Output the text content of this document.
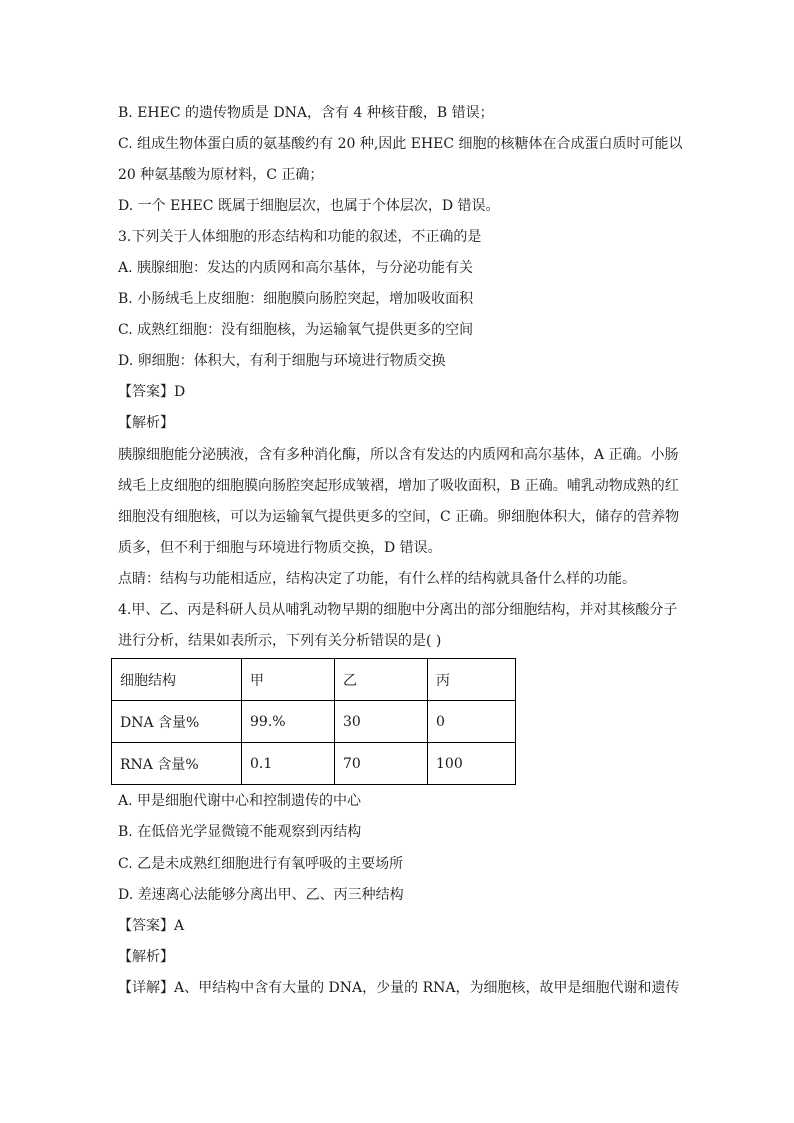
B. EHEC 的遗传物质是 DNA，含有 4 种核苷酸，B 错误；
C. 组成生物体蛋白质的氨基酸约有 20 种,因此 EHEC 细胞的核糖体在合成蛋白质时可能以
20 种氨基酸为原材料，C 正确；
D. 一个 EHEC 既属于细胞层次，也属于个体层次，D 错误。
3.下列关于人体细胞的形态结构和功能的叙述，不正确的是
A. 胰腺细胞：发达的内质网和高尔基体，与分泌功能有关
B. 小肠绒毛上皮细胞：细胞膜向肠腔突起，增加吸收面积
C. 成熟红细胞：没有细胞核，为运输氧气提供更多的空间
D. 卵细胞：体积大，有利于细胞与环境进行物质交换
【答案】D
【解析】
胰腺细胞能分泌胰液，含有多种消化酶，所以含有发达的内质网和高尔基体，A 正确。小肠
绒毛上皮细胞的细胞膜向肠腔突起形成皱褶，增加了吸收面积，B 正确。哺乳动物成熟的红
细胞没有细胞核，可以为运输氧气提供更多的空间，C 正确。卵细胞体积大，储存的营养物
质多，但不利于细胞与环境进行物质交换，D 错误。
点睛：结构与功能相适应，结构决定了功能，有什么样的结构就具备什么样的功能。
4.甲、乙、丙是科研人员从哺乳动物早期的细胞中分离出的部分细胞结构，并对其核酸分子
进行分析，结果如表所示，下列有关分析错误的是( )
细胞结构	甲	乙	丙
DNA 含量%	99.%	30	0
RNA 含量%	0.1	70	100
A. 甲是细胞代谢中心和控制遗传的中心
B. 在低倍光学显微镜不能观察到丙结构
C. 乙是未成熟红细胞进行有氧呼吸的主要场所
D. 差速离心法能够分离出甲、乙、丙三种结构
【答案】A
【解析】
【详解】A、甲结构中含有大量的 DNA，少量的 RNA，为细胞核，故甲是细胞代谢和遗传
